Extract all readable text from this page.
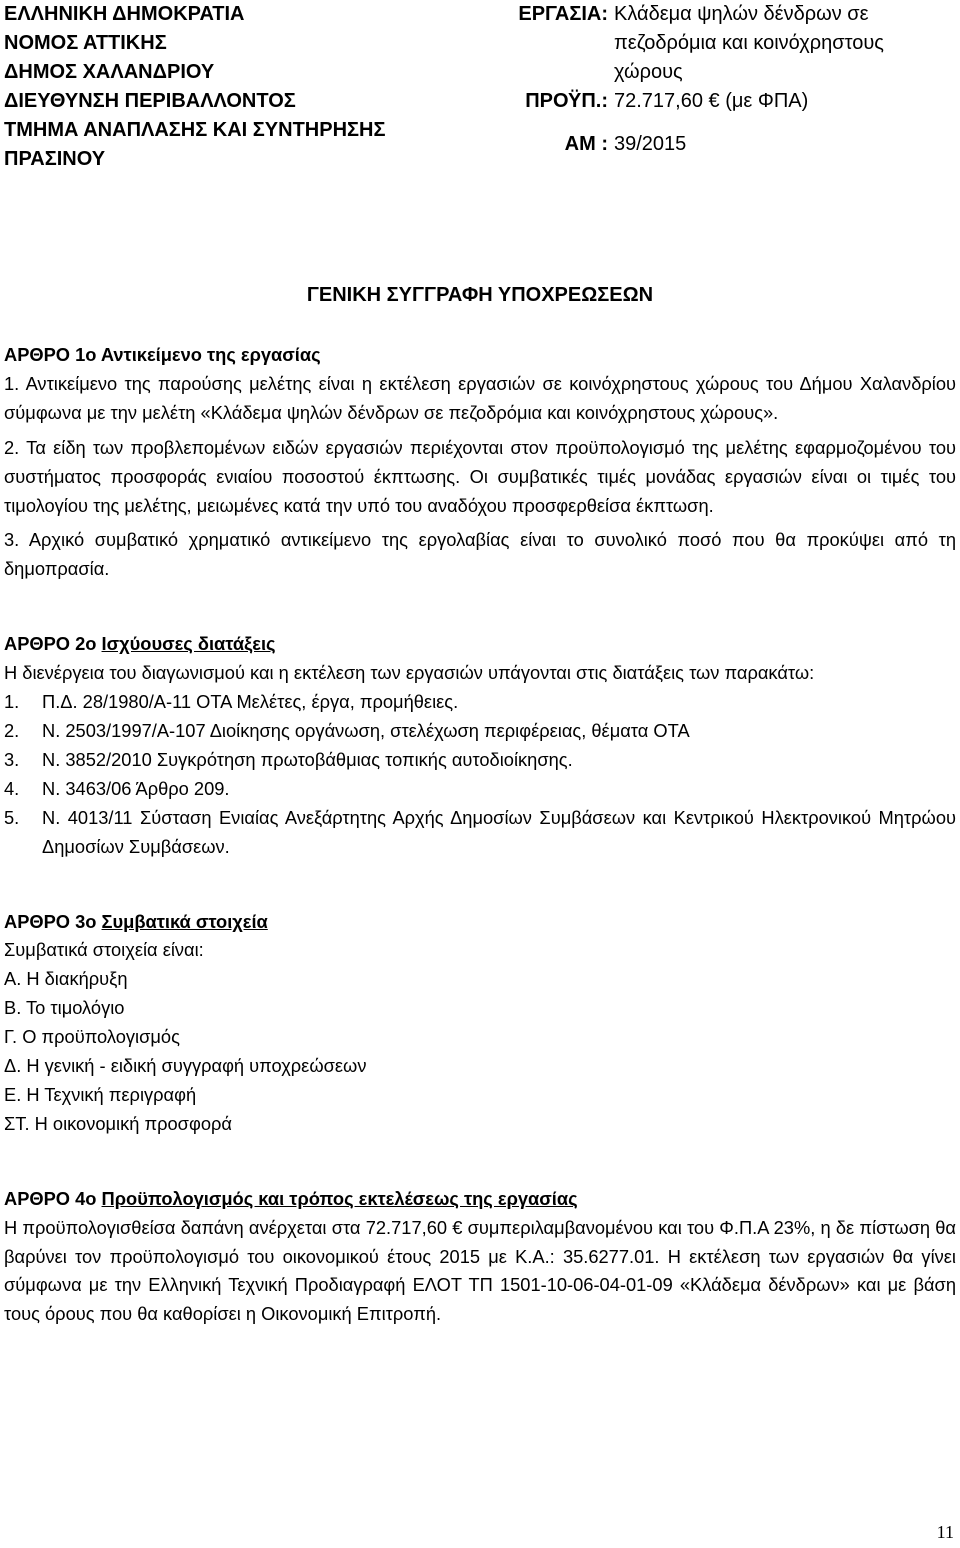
ΕΛΛΗΝΙΚΗ ΔΗΜΟΚΡΑΤΙΑ
ΝΟΜΟΣ ΑΤΤΙΚΗΣ
ΔΗΜΟΣ ΧΑΛΑΝΔΡΙΟΥ
ΔΙΕΥΘΥΝΣΗ ΠΕΡΙΒΑΛΛΟΝΤΟΣ
ΤΜΗΜΑ ΑΝΑΠΛΑΣΗΣ ΚΑΙ ΣΥΝΤΗΡΗΣΗΣ
ΠΡΑΣΙΝΟΥ
ΕΡΓΑΣΙΑ: Κλάδεμα ψηλών δένδρων σε πεζοδρόμια και κοινόχρηστους χώρους
ΠΡΟΫΠ.: 72.717,60 € (με ΦΠΑ)
ΑΜ : 39/2015
ΓΕΝΙΚΗ ΣΥΓΓΡΑΦΗ ΥΠΟΧΡΕΩΣΕΩΝ

ΑΡΘΡΟ 1ο Αντικείμενο της εργασίας

1. Αντικείμενο της παρούσης μελέτης είναι η εκτέλεση εργασιών σε κοινόχρηστους χώρους του Δήμου Χαλανδρίου σύμφωνα με την μελέτη «Κλάδεμα ψηλών δένδρων σε πεζοδρόμια και κοινόχρηστους χώρους».

2. Τα είδη των προβλεπομένων ειδών εργασιών περιέχονται στον προϋπολογισμό της μελέτης εφαρμοζομένου του συστήματος προσφοράς ενιαίου ποσοστού έκπτωσης. Οι συμβατικές τιμές μονάδας εργασιών είναι οι τιμές του τιμολογίου της μελέτης, μειωμένες κατά την υπό του αναδόχου προσφερθείσα έκπτωση.

3. Αρχικό συμβατικό χρηματικό αντικείμενο της εργολαβίας είναι το συνολικό ποσό που θα προκύψει από τη δημοπρασία.

ΑΡΘΡΟ 2ο Ισχύουσες διατάξεις

Η διενέργεια του διαγωνισμού και η εκτέλεση των εργασιών υπάγονται στις διατάξεις των παρακάτω:

1.	Π.Δ. 28/1980/Α-11 ΟΤΑ Μελέτες, έργα, προμήθειες.
2.	Ν. 2503/1997/Α-107 Διοίκησης οργάνωση, στελέχωση περιφέρειας, θέματα ΟΤΑ
3.	Ν. 3852/2010 Συγκρότηση πρωτοβάθμιας τοπικής αυτοδιοίκησης.
4.	Ν. 3463/06 Άρθρο 209.
5.	Ν. 4013/11 Σύσταση Ενιαίας Ανεξάρτητης Αρχής Δημοσίων Συμβάσεων και Κεντρικού Ηλεκτρονικού Μητρώου Δημοσίων Συμβάσεων.

ΑΡΘΡΟ 3ο Συμβατικά στοιχεία

Συμβατικά στοιχεία είναι:

Α. Η διακήρυξη

Β. Το τιμολόγιο

Γ. Ο προϋπολογισμός

Δ. Η γενική - ειδική συγγραφή υποχρεώσεων

Ε. Η Τεχνική περιγραφή

ΣΤ. Η οικονομική προσφορά

ΑΡΘΡΟ 4ο Προϋπολογισμός και τρόπος εκτελέσεως της εργασίας

Η προϋπολογισθείσα δαπάνη ανέρχεται στα 72.717,60 € συμπεριλαμβανομένου και του Φ.Π.Α 23%, η δε πίστωση θα βαρύνει τον προϋπολογισμό του οικονομικού έτους 2015 με Κ.Α.: 35.6277.01. Η εκτέλεση των εργασιών θα γίνει σύμφωνα με την Ελληνική Τεχνική Προδιαγραφή ΕΛΟΤ ΤΠ 1501-10-06-04-01-09 «Κλάδεμα δένδρων» και με βάση τους όρους που θα καθορίσει η Οικονομική Επιτροπή.

11
